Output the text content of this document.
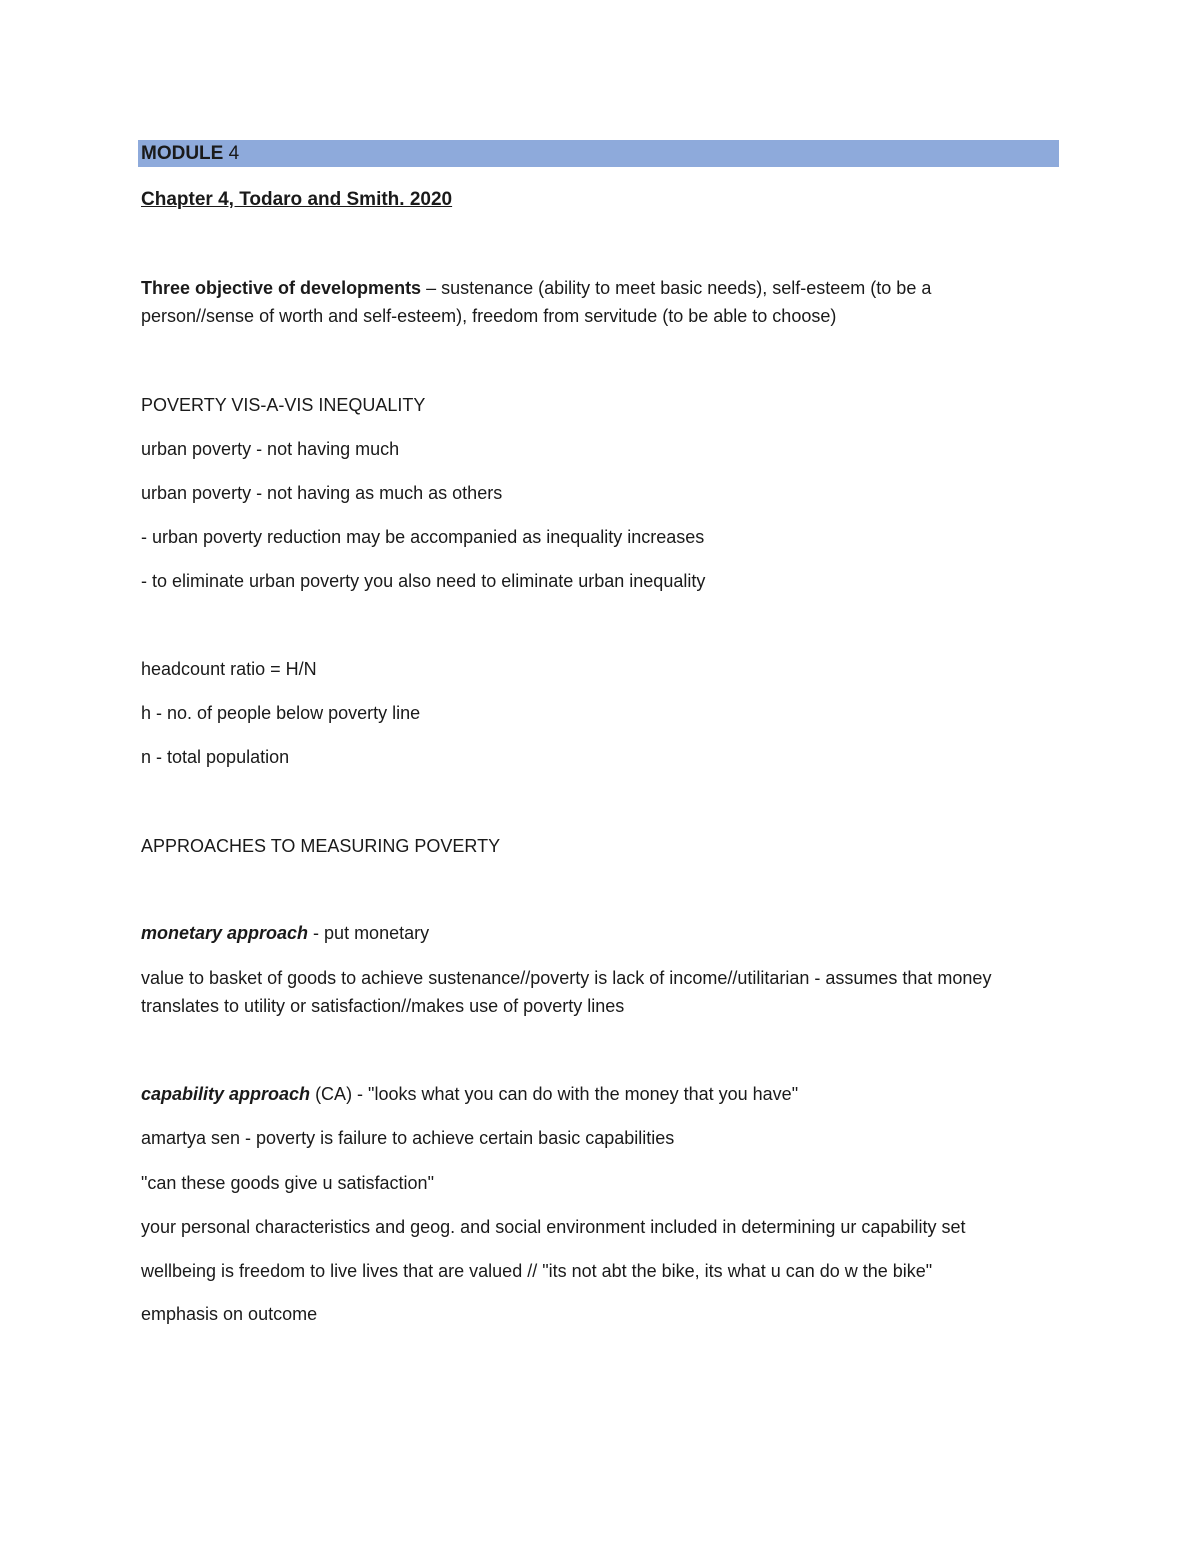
MODULE 4
Chapter 4, Todaro and Smith. 2020
Three objective of developments – sustenance (ability to meet basic needs), self-esteem (to be a person//sense of worth and self-esteem), freedom from servitude (to be able to choose)
POVERTY VIS-A-VIS INEQUALITY
urban poverty - not having much
urban poverty - not having as much as others
- urban poverty reduction may be accompanied as inequality increases
- to eliminate urban poverty you also need to eliminate urban inequality
headcount ratio = H/N
h - no. of people below poverty line
n - total population
APPROACHES TO MEASURING POVERTY
monetary approach - put monetary
value to basket of goods to achieve sustenance//poverty is lack of income//utilitarian - assumes that money translates to utility or satisfaction//makes use of poverty lines
capability approach (CA) - "looks what you can do with the money that you have"
amartya sen - poverty is failure to achieve certain basic capabilities
"can these goods give u satisfaction"
your personal characteristics and geog. and social environment included in determining ur capability set
wellbeing is freedom to live lives that are valued // "its not abt the bike, its what u can do w the bike"
emphasis on outcome
